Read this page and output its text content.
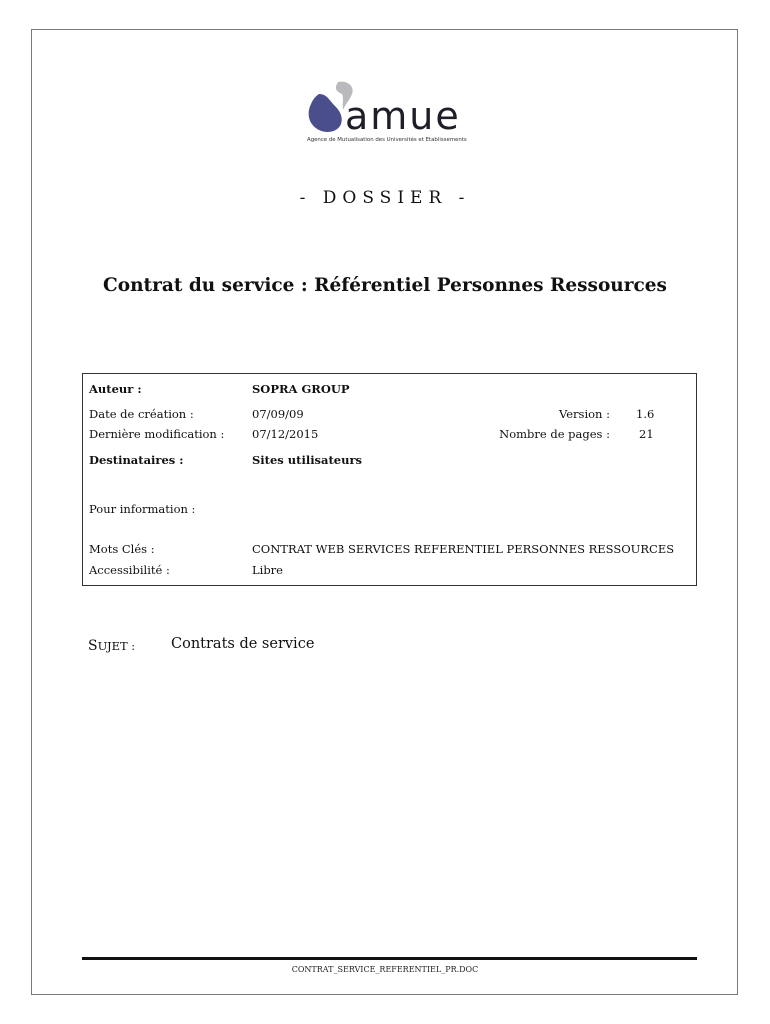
amue
Agence de Mutualisation des Universités et Etablissements
- DOSSIER -
Contrat du service : Référentiel Personnes Ressources
Auteur :	SOPRA GROUP
Date de création :	07/09/09	Version : 1.6
Dernière modification : 07/12/2015	Nombre de pages :	21
Destinataires :	Sites utilisateurs
Pour information :
Mots Clés :	CONTRAT WEB SERVICES REFERENTIEL PERSONNES RESSOURCES
Accessibilité :	Libre
SUJET : Contrats de service
CONTRAT_SERVICE_REFERENTIEL_PR.DOC
